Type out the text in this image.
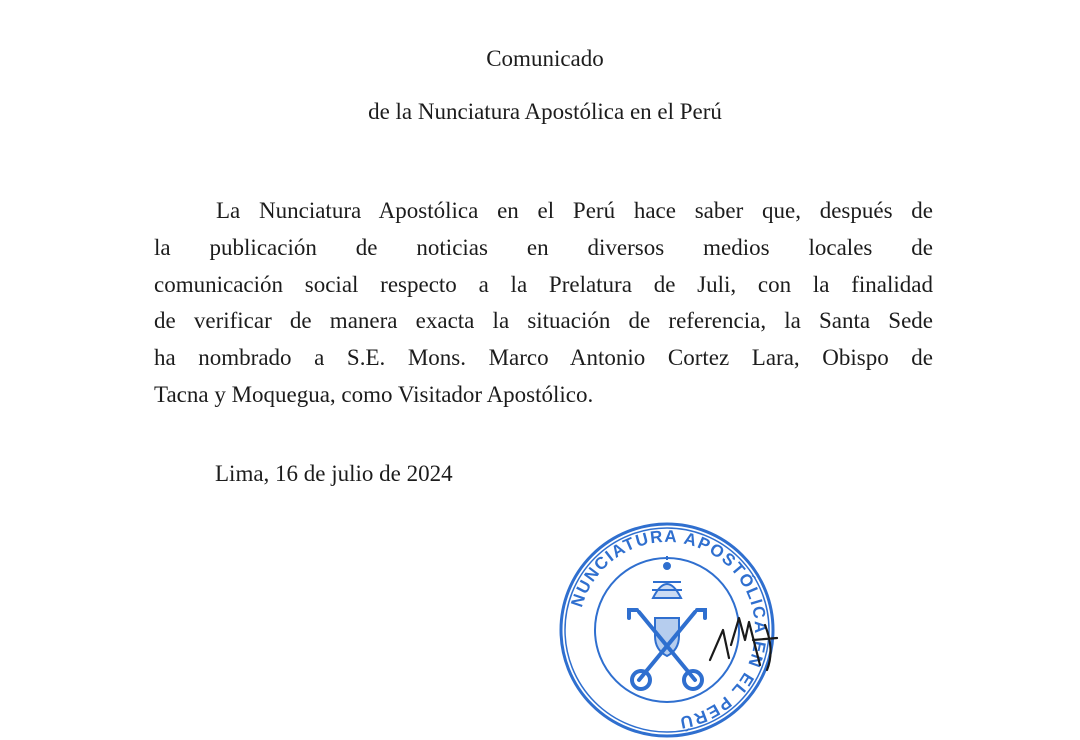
Comunicado
de la Nunciatura Apostólica en el Perú
La Nunciatura Apostólica en el Perú hace saber que, después de
la publicación de noticias en diversos medios locales de
comunicación social respecto a la Prelatura de Juli, con la finalidad
de verificar de manera exacta la situación de referencia, la Santa Sede
ha nombrado a S.E. Mons. Marco Antonio Cortez Lara, Obispo de
Tacna y Moquegua, como Visitador Apostólico.

Lima, 16 de julio de 2024

NUNCIATURA APOSTÓLICA EN EL PERÚ
